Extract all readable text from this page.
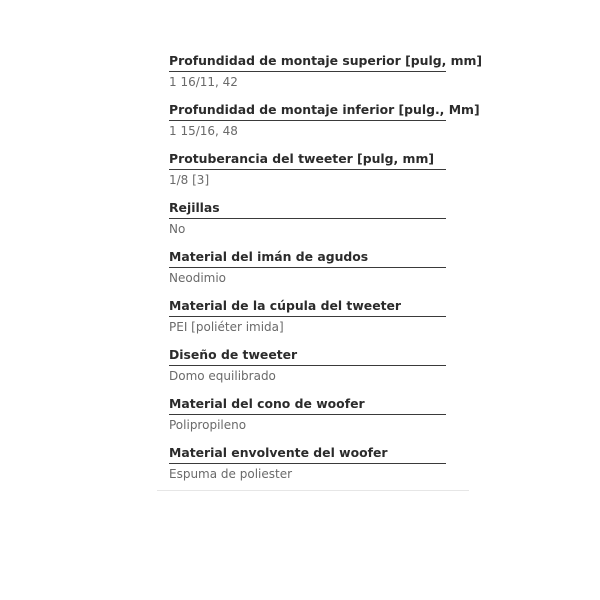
Profundidad de montaje superior [pulg, mm]
1 16/11, 42
Profundidad de montaje inferior [pulg., Mm]
1 15/16, 48
Protuberancia del tweeter [pulg, mm]
1/8 [3]
Rejillas
No
Material del imán de agudos
Neodimio
Material de la cúpula del tweeter
PEI [poliéter imida]
Diseño de tweeter
Domo equilibrado
Material del cono de woofer
Polipropileno
Material envolvente del woofer
Espuma de poliester
